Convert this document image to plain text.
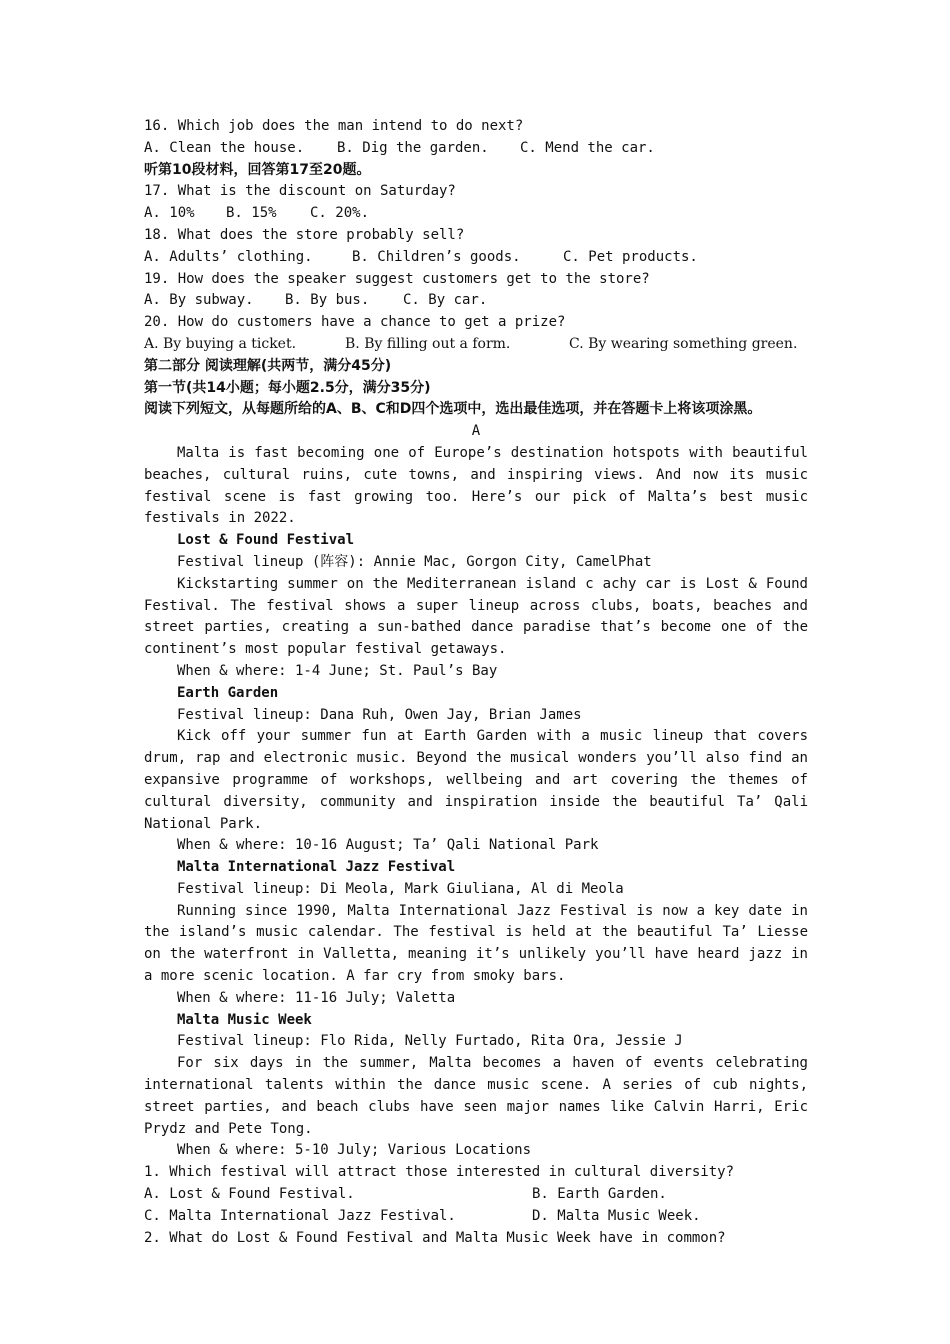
16. Which job does the man intend to do next?
A. Clean the house.	B. Dig the garden.	C. Mend the car.
听第10段材料，回答第17至20题。
17. What is the discount on Saturday?
A. 10%	B. 15%	C. 20%.
18. What does the store probably sell?
A. Adults’ clothing.	B. Children’s goods.	C. Pet products.
19. How does the speaker suggest customers get to the store?
A. By subway.	B. By bus.	C. By car.
20. How do customers have a chance to get a prize?
A. By buying a ticket.	B. By filling out a form.	C. By wearing something green.
第二部分 阅读理解(共两节，满分45分)
第一节(共14小题；每小题2.5分，满分35分)
阅读下列短文，从每题所给的A、B、C和D四个选项中，选出最佳选项，并在答题卡上将该项涂黑。
A
Malta is fast becoming one of Europe’s destination hotspots with beautiful beaches, cultural ruins, cute towns, and inspiring views. And now its music festival scene is fast growing too. Here’s our pick of Malta’s best music festivals in 2022.
Lost & Found Festival
Festival lineup (阵容): Annie Mac, Gorgon City, CamelPhat
Kickstarting summer on the Mediterranean island c achy car is Lost & Found Festival. The festival shows a super lineup across clubs, boats, beaches and street parties, creating a sun-bathed dance paradise that’s become one of the continent’s most popular festival getaways.
When & where: 1-4 June; St. Paul’s Bay
Earth Garden
Festival lineup: Dana Ruh, Owen Jay, Brian James
Kick off your summer fun at Earth Garden with a music lineup that covers drum, rap and electronic music. Beyond the musical wonders you’ll also find an expansive programme of workshops, wellbeing and art covering the themes of cultural diversity, community and inspiration inside the beautiful Ta’ Qali National Park.
When & where: 10-16 August; Ta’ Qali National Park
Malta International Jazz Festival
Festival lineup: Di Meola, Mark Giuliana, Al di Meola
Running since 1990, Malta International Jazz Festival is now a key date in the island’s music calendar. The festival is held at the beautiful Ta’ Liesse on the waterfront in Valletta, meaning it’s unlikely you’ll have heard jazz in a more scenic location. A far cry from smoky bars.
When & where: 11-16 July; Valetta
Malta Music Week
Festival lineup: Flo Rida, Nelly Furtado, Rita Ora, Jessie J
For six days in the summer, Malta becomes a haven of events celebrating international talents within the dance music scene. A series of cub nights, street parties, and beach clubs have seen major names like Calvin Harri, Eric Prydz and Pete Tong.
When & where: 5-10 July; Various Locations
1. Which festival will attract those interested in cultural diversity?
A. Lost & Found Festival.	B. Earth Garden.
C. Malta International Jazz Festival.	D. Malta Music Week.
2. What do Lost & Found Festival and Malta Music Week have in common?
